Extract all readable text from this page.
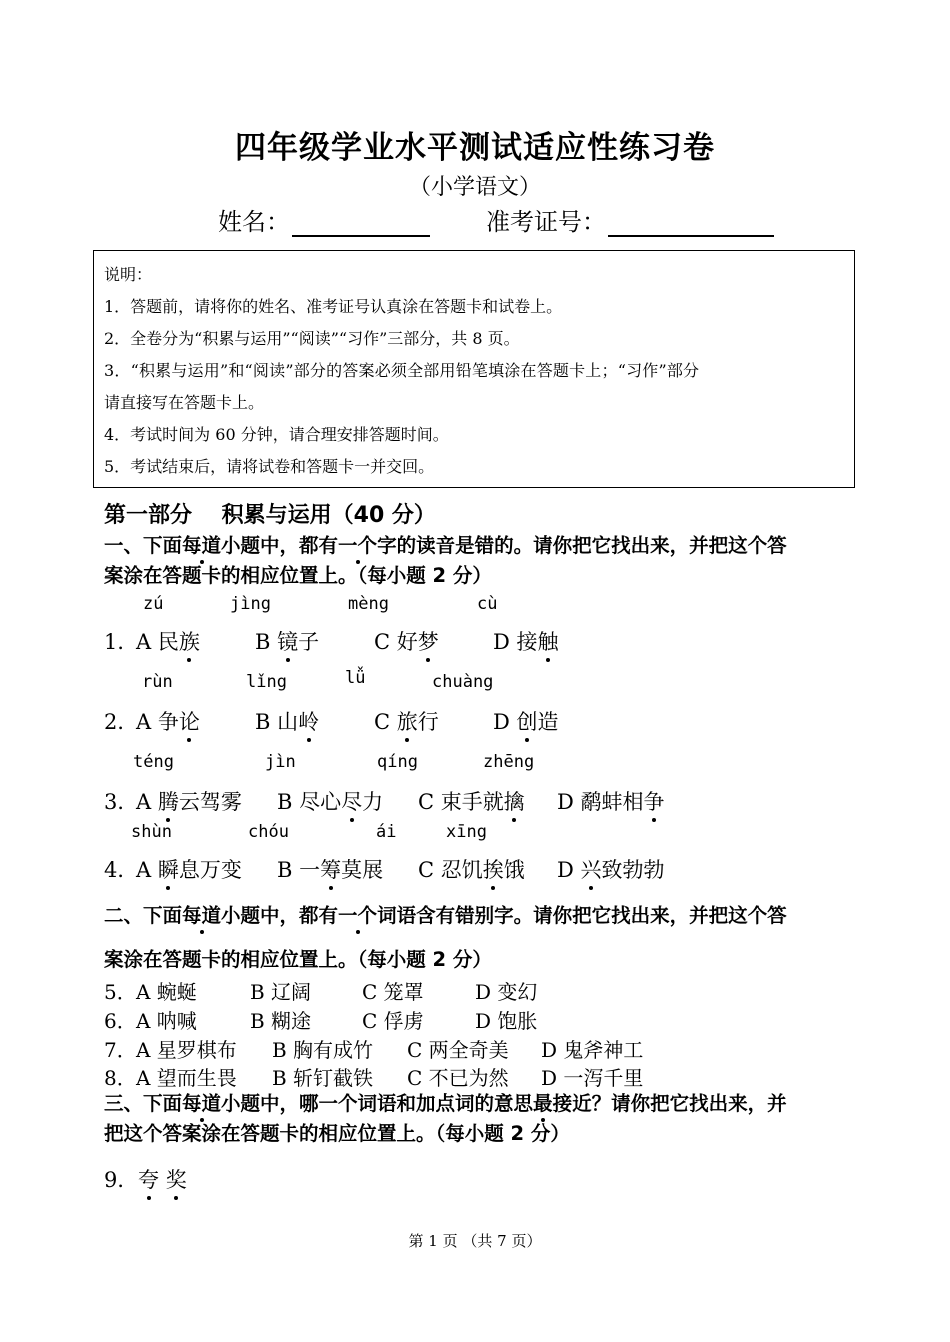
四年级学业水平测试适应性练习卷
（小学语文）
姓名：	准考证号：
说明：
1．答题前，请将你的姓名、准考证号认真涂在答题卡和试卷上。
2．全卷分为“积累与运用”“阅读”“习作”三部分，共 8 页。
3．“积累与运用”和“阅读”部分的答案必须全部用铅笔填涂在答题卡上；“习作”部分
请直接写在答题卡上。
4．考试时间为 60 分钟，请合理安排答题时间。
5．考试结束后，请将试卷和答题卡一并交回。
第一部分　 积累与运用（40 分）
一、下面每道小题中，都有一个字的读音是错的。请你把它找出来，并把这个答
案涂在答题卡的相应位置上。（每小题 2 分）
zú	jìng	mèng	cù
1．
A 民族	B 镜子	C 好梦	D 接触
rùn	lǐng	lǚ	chuàng
2．
A 争论	B 山岭	C 旅行	D 创造
téng	jìn	qíng	zhēng
3．
A 腾云驾雾 B 尽心尽力 C 束手就擒 D 鹬蚌相争
shùn	chóu	ái	xīng
4．
A 瞬息万变 B 一筹莫展 C 忍饥挨饿 D 兴致勃勃
二、下面每道小题中，都有一个词语含有错别字。请你把它找出来，并把这个答
案涂在答题卡的相应位置上。（每小题 2 分）
5． A 蜿蜒	B 辽阔	C 笼罩	D 变幻
6． A 呐喊	B 糊途	C 俘虏	D 饱胀
7． A 星罗棋布 B 胸有成竹 C 两全奇美 D 鬼斧神工
8． A 望而生畏 B 斩钉截铁 C 不已为然 D 一泻千里
三、下面每道小题中，哪一个词语和加点词的意思最接近？请你把它找出来，并
把这个答案涂在答题卡的相应位置上。（每小题 2 分）
9． 夸 奖
第 1 页 （共 7 页）
